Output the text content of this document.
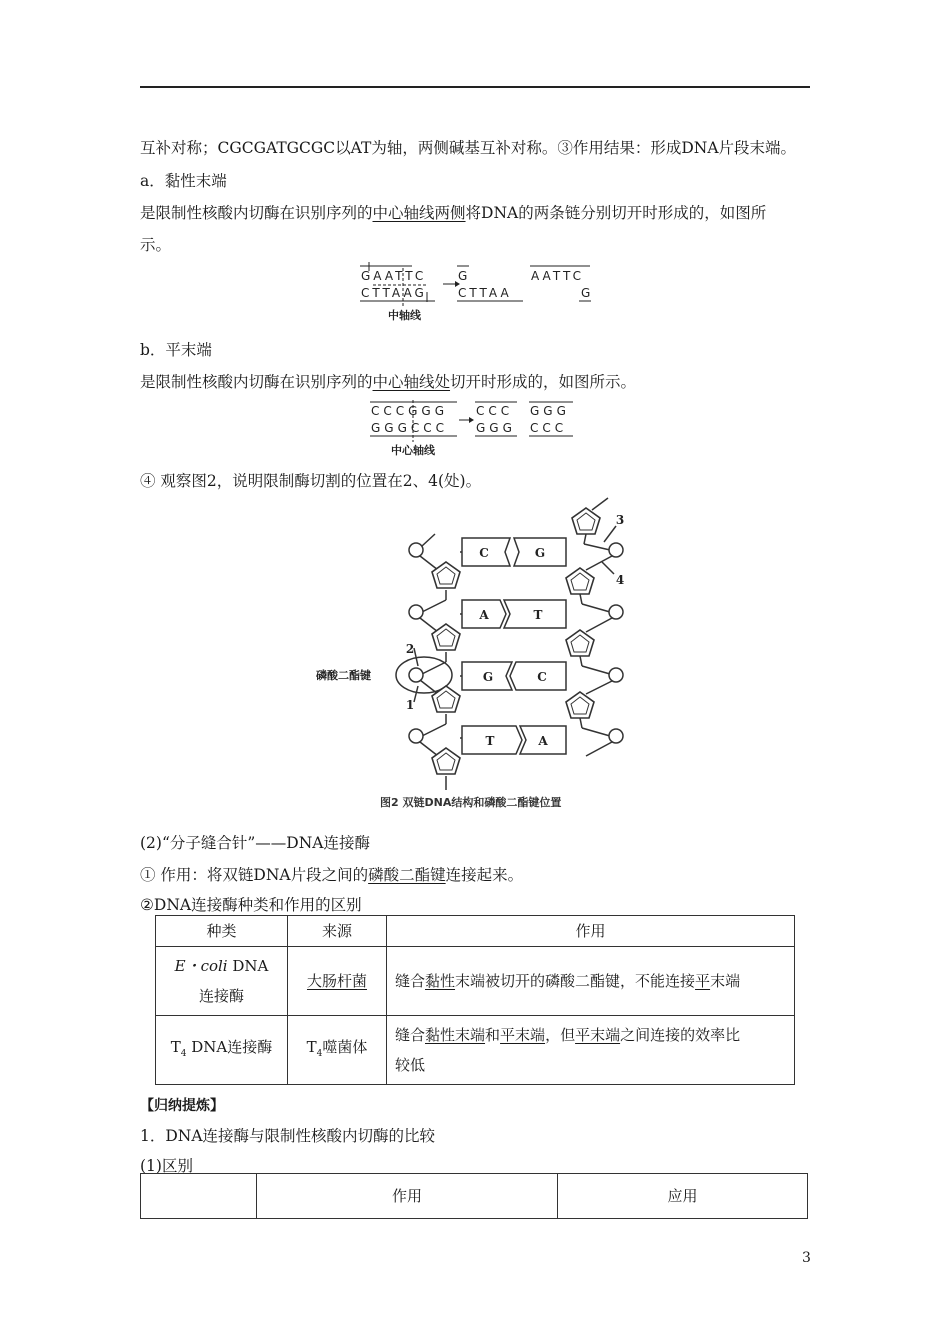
互补对称；CGCGATGCGC以AT为轴，两侧碱基互补对称。③作用结果：形成DNA片段末端。
a．黏性末端
是限制性核酸内切酶在识别序列的中心轴线两侧将DNA的两条链分别切开时形成的，如图所
示。
GAATTC
CTTAAG
G
CTTAA
AATTC
G
中轴线
b．平末端
是限制性核酸内切酶在识别序列的中心轴线处切开时形成的，如图所示。
CCCGGG
GGGCCC
CCC
GGG
GGG
CCC
中心轴线
④ 观察图2，说明限制酶切割的位置在2、4(处)。
C	G
A	T
G	C
T	A
2
1
3
4
磷酸二酯键
图2 双链DNA结构和磷酸二酯键位置
(2)“分子缝合针”——DNA连接酶
① 作用：将双链DNA片段之间的磷酸二酯键连接起来。
②DNA连接酶种类和作用的区别
种类	来源	作用
E・coli DNA
连接酶	大肠杆菌	缝合黏性末端被切开的磷酸二酯键，不能连接平末端
$T_4$ DNA连接酶	$T_4$噬菌体	缝合黏性末端和平末端，但平末端之间连接的效率比
较低
【归纳提炼】
1．DNA连接酶与限制性核酸内切酶的比较
(1)区别
	作用	应用
3
